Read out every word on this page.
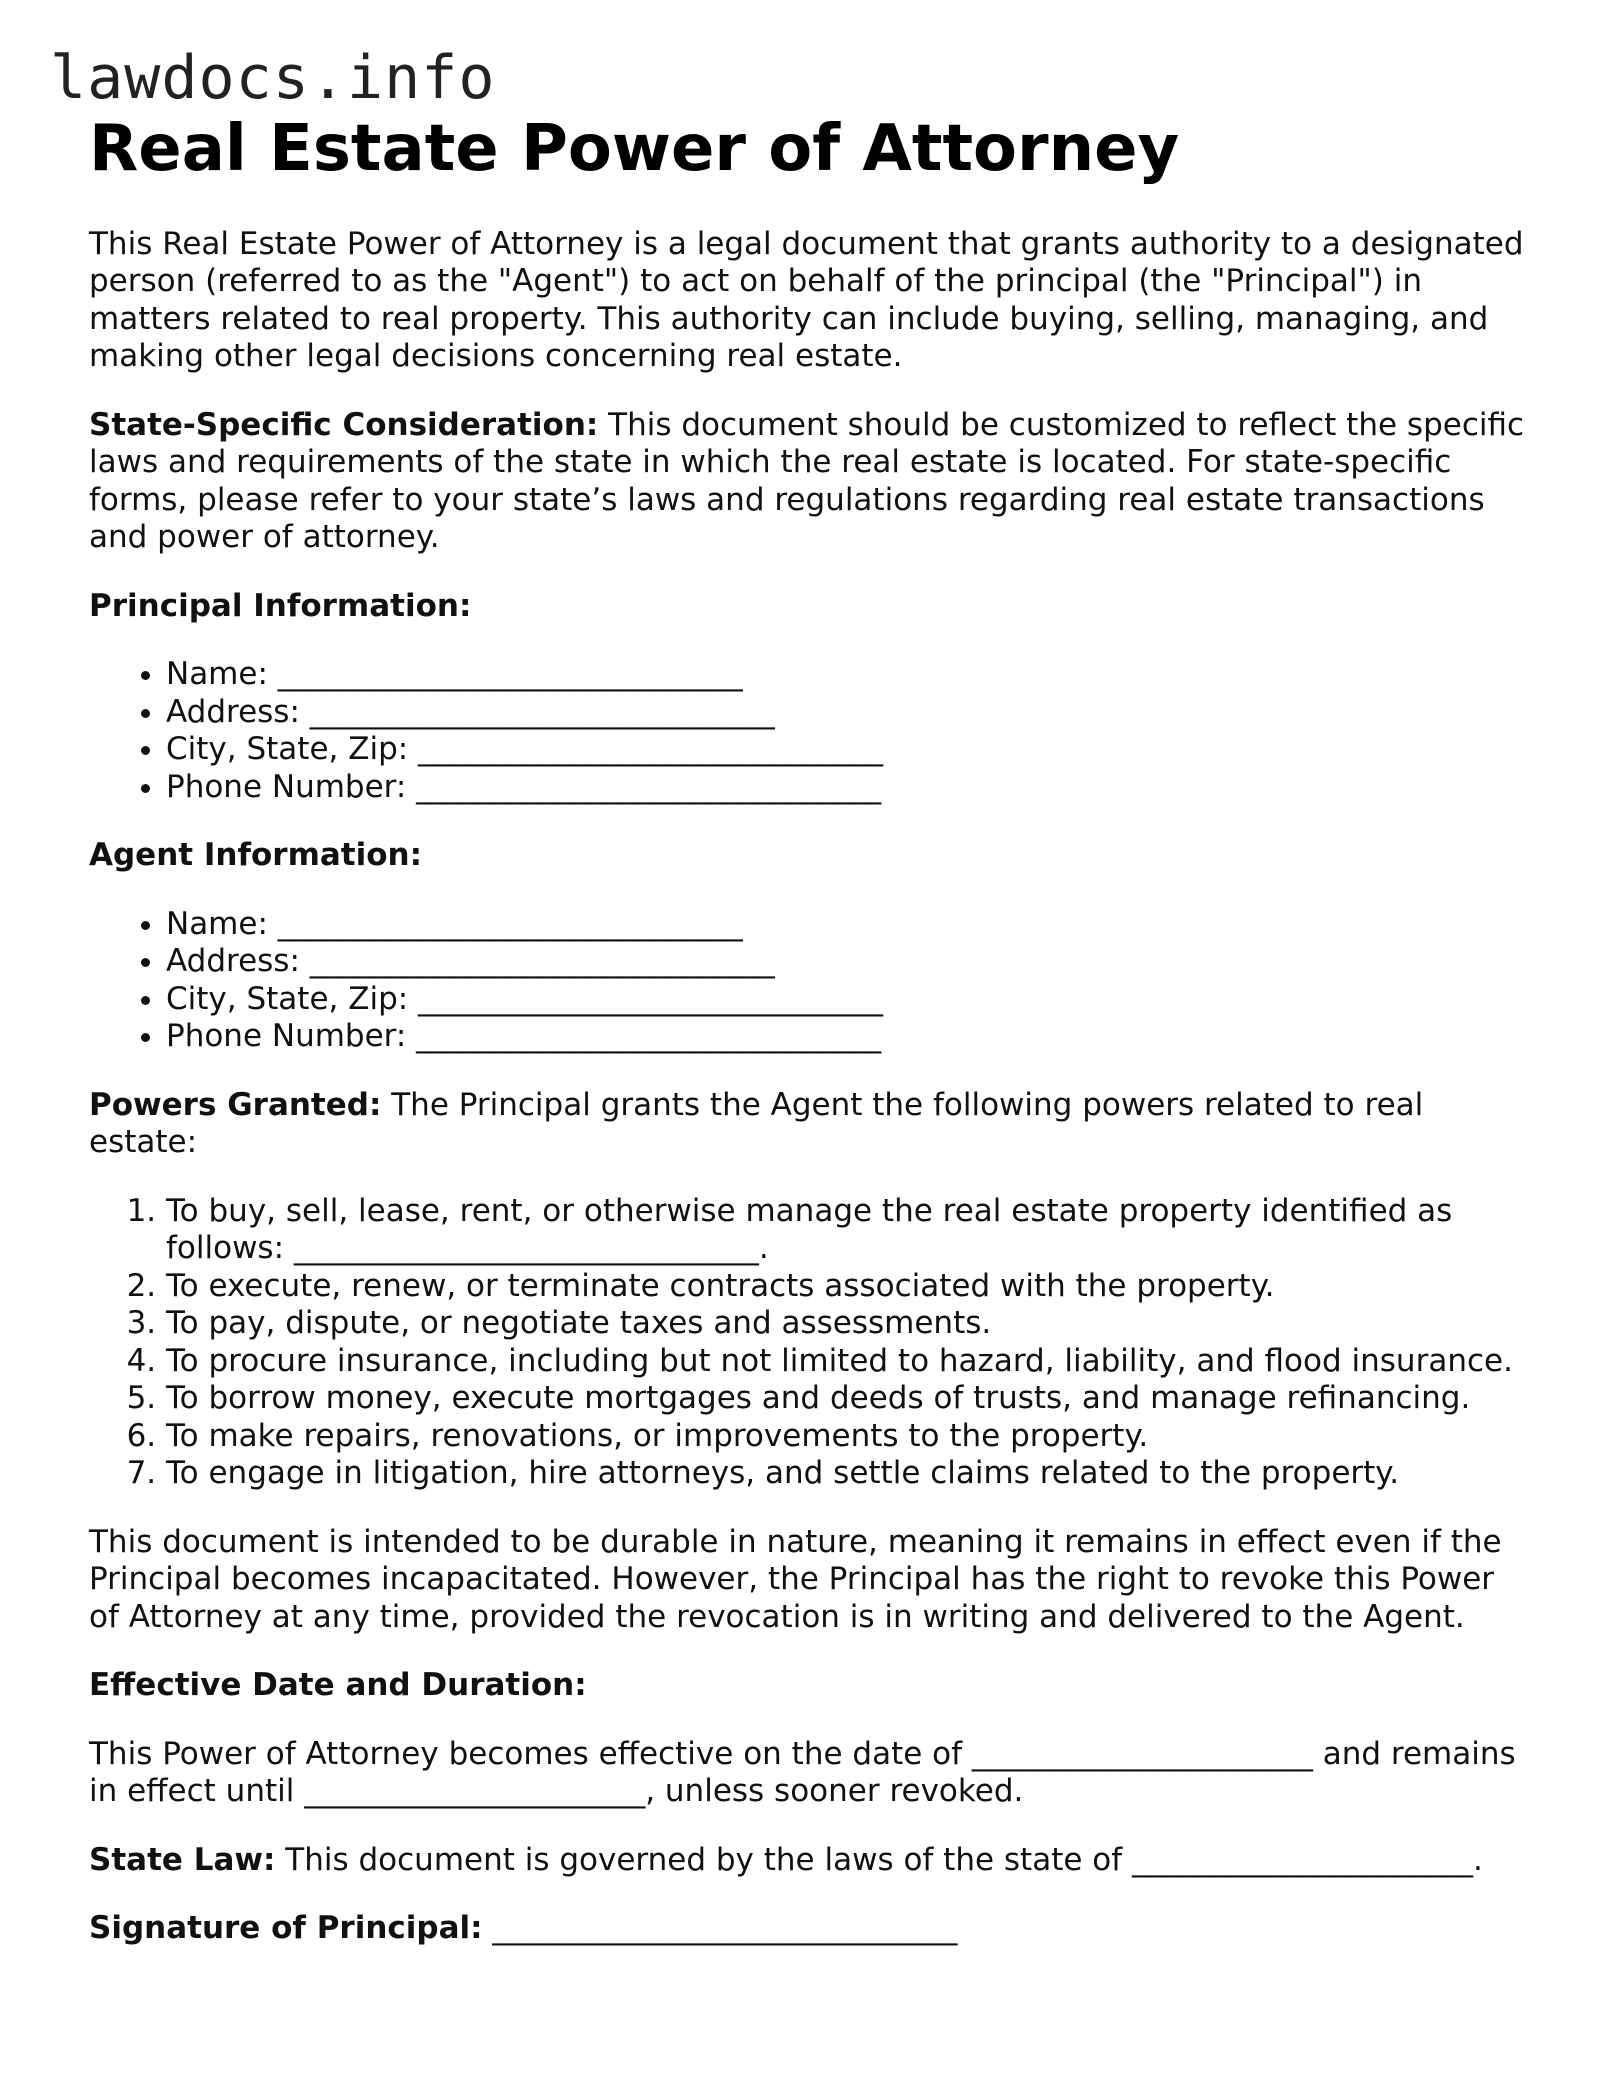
lawdocs.info
Real Estate Power of Attorney

This Real Estate Power of Attorney is a legal document that grants authority to a designated person (referred to as the "Agent") to act on behalf of the principal (the "Principal") in matters related to real property. This authority can include buying, selling, managing, and making other legal decisions concerning real estate.

State-Specific Consideration: This document should be customized to reflect the specific laws and requirements of the state in which the real estate is located. For state-specific forms, please refer to your state’s laws and regulations regarding real estate transactions and power of attorney.

Principal Information:

• Name: ______________________________
• Address: ______________________________
• City, State, Zip: ______________________________
• Phone Number: ______________________________

Agent Information:

• Name: ______________________________
• Address: ______________________________
• City, State, Zip: ______________________________
• Phone Number: ______________________________

Powers Granted: The Principal grants the Agent the following powers related to real estate:

1. To buy, sell, lease, rent, or otherwise manage the real estate property identified as follows: ______________________________.
2. To execute, renew, or terminate contracts associated with the property.
3. To pay, dispute, or negotiate taxes and assessments.
4. To procure insurance, including but not limited to hazard, liability, and flood insurance.
5. To borrow money, execute mortgages and deeds of trusts, and manage refinancing.
6. To make repairs, renovations, or improvements to the property.
7. To engage in litigation, hire attorneys, and settle claims related to the property.

This document is intended to be durable in nature, meaning it remains in effect even if the Principal becomes incapacitated. However, the Principal has the right to revoke this Power of Attorney at any time, provided the revocation is in writing and delivered to the Agent.

Effective Date and Duration:

This Power of Attorney becomes effective on the date of ______________________ and remains in effect until ______________________, unless sooner revoked.

State Law: This document is governed by the laws of the state of ______________________.

Signature of Principal: ______________________________
